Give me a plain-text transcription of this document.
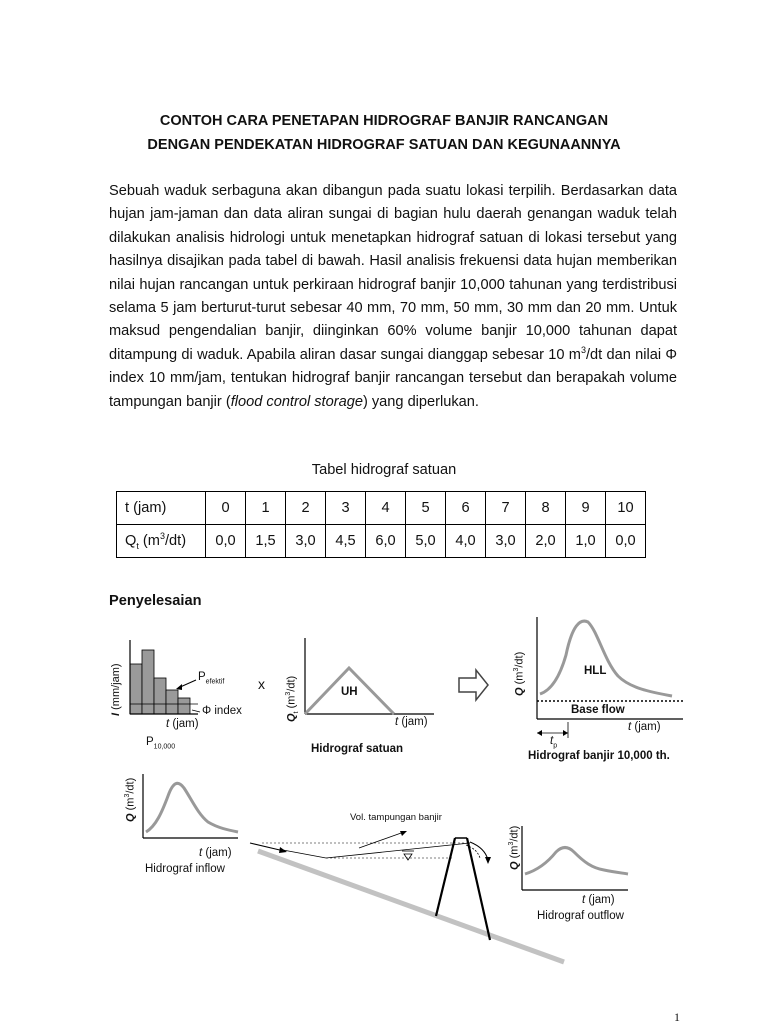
CONTOH CARA PENETAPAN HIDROGRAF BANJIR RANCANGAN
DENGAN PENDEKATAN HIDROGRAF SATUAN DAN KEGUNAANNYA

Sebuah waduk serbaguna akan dibangun pada suatu lokasi terpilih. Berdasarkan data hujan jam-jaman dan data aliran sungai di bagian hulu daerah genangan waduk telah dilakukan analisis hidrologi untuk menetapkan hidrograf satuan di lokasi tersebut yang hasilnya disajikan pada tabel di bawah. Hasil analisis frekuensi data hujan memberikan nilai hujan rancangan untuk perkiraan hidrograf banjir 10,000 tahunan yang terdistribusi selama 5 jam berturut-turut sebesar 40 mm, 70 mm, 50 mm, 30 mm dan 20 mm. Untuk maksud pengendalian banjir, diinginkan 60% volume banjir 10,000 tahunan dapat ditampung di waduk. Apabila aliran dasar sungai dianggap sebesar 10 $m^3/dt$ dan nilai Φ index 10 mm/jam, tentukan hidrograf banjir rancangan tersebut dan berapakah volume tampungan banjir (flood control storage) yang diperlukan.

Tabel hidrograf satuan
t (jam)	0	1	2	3	4	5	6	7	8	9	10
$Q_t$ $(m^3/dt)$	0,0	1,5	3,0	4,5	6,0	5,0	4,0	3,0	2,0	1,0	0,0
Penyelesaian
I (mm/jam)	$P_{efektif}$
Φ index
t (jam)
$P_{10,000}$
x
$Q_t$ $(m^3/dt)$
UH
t (jam)
Hidrograf satuan
Q $(m^3/dt)$
HLL
Base flow
t (jam)
$t_p$
Hidrograf banjir 10,000 th.
Q $(m^3/dt)$
t (jam)
Hidrograf inflow
Vol. tampungan banjir
Q $(m^3/dt)$
t (jam)
Hidrograf outflow
1
